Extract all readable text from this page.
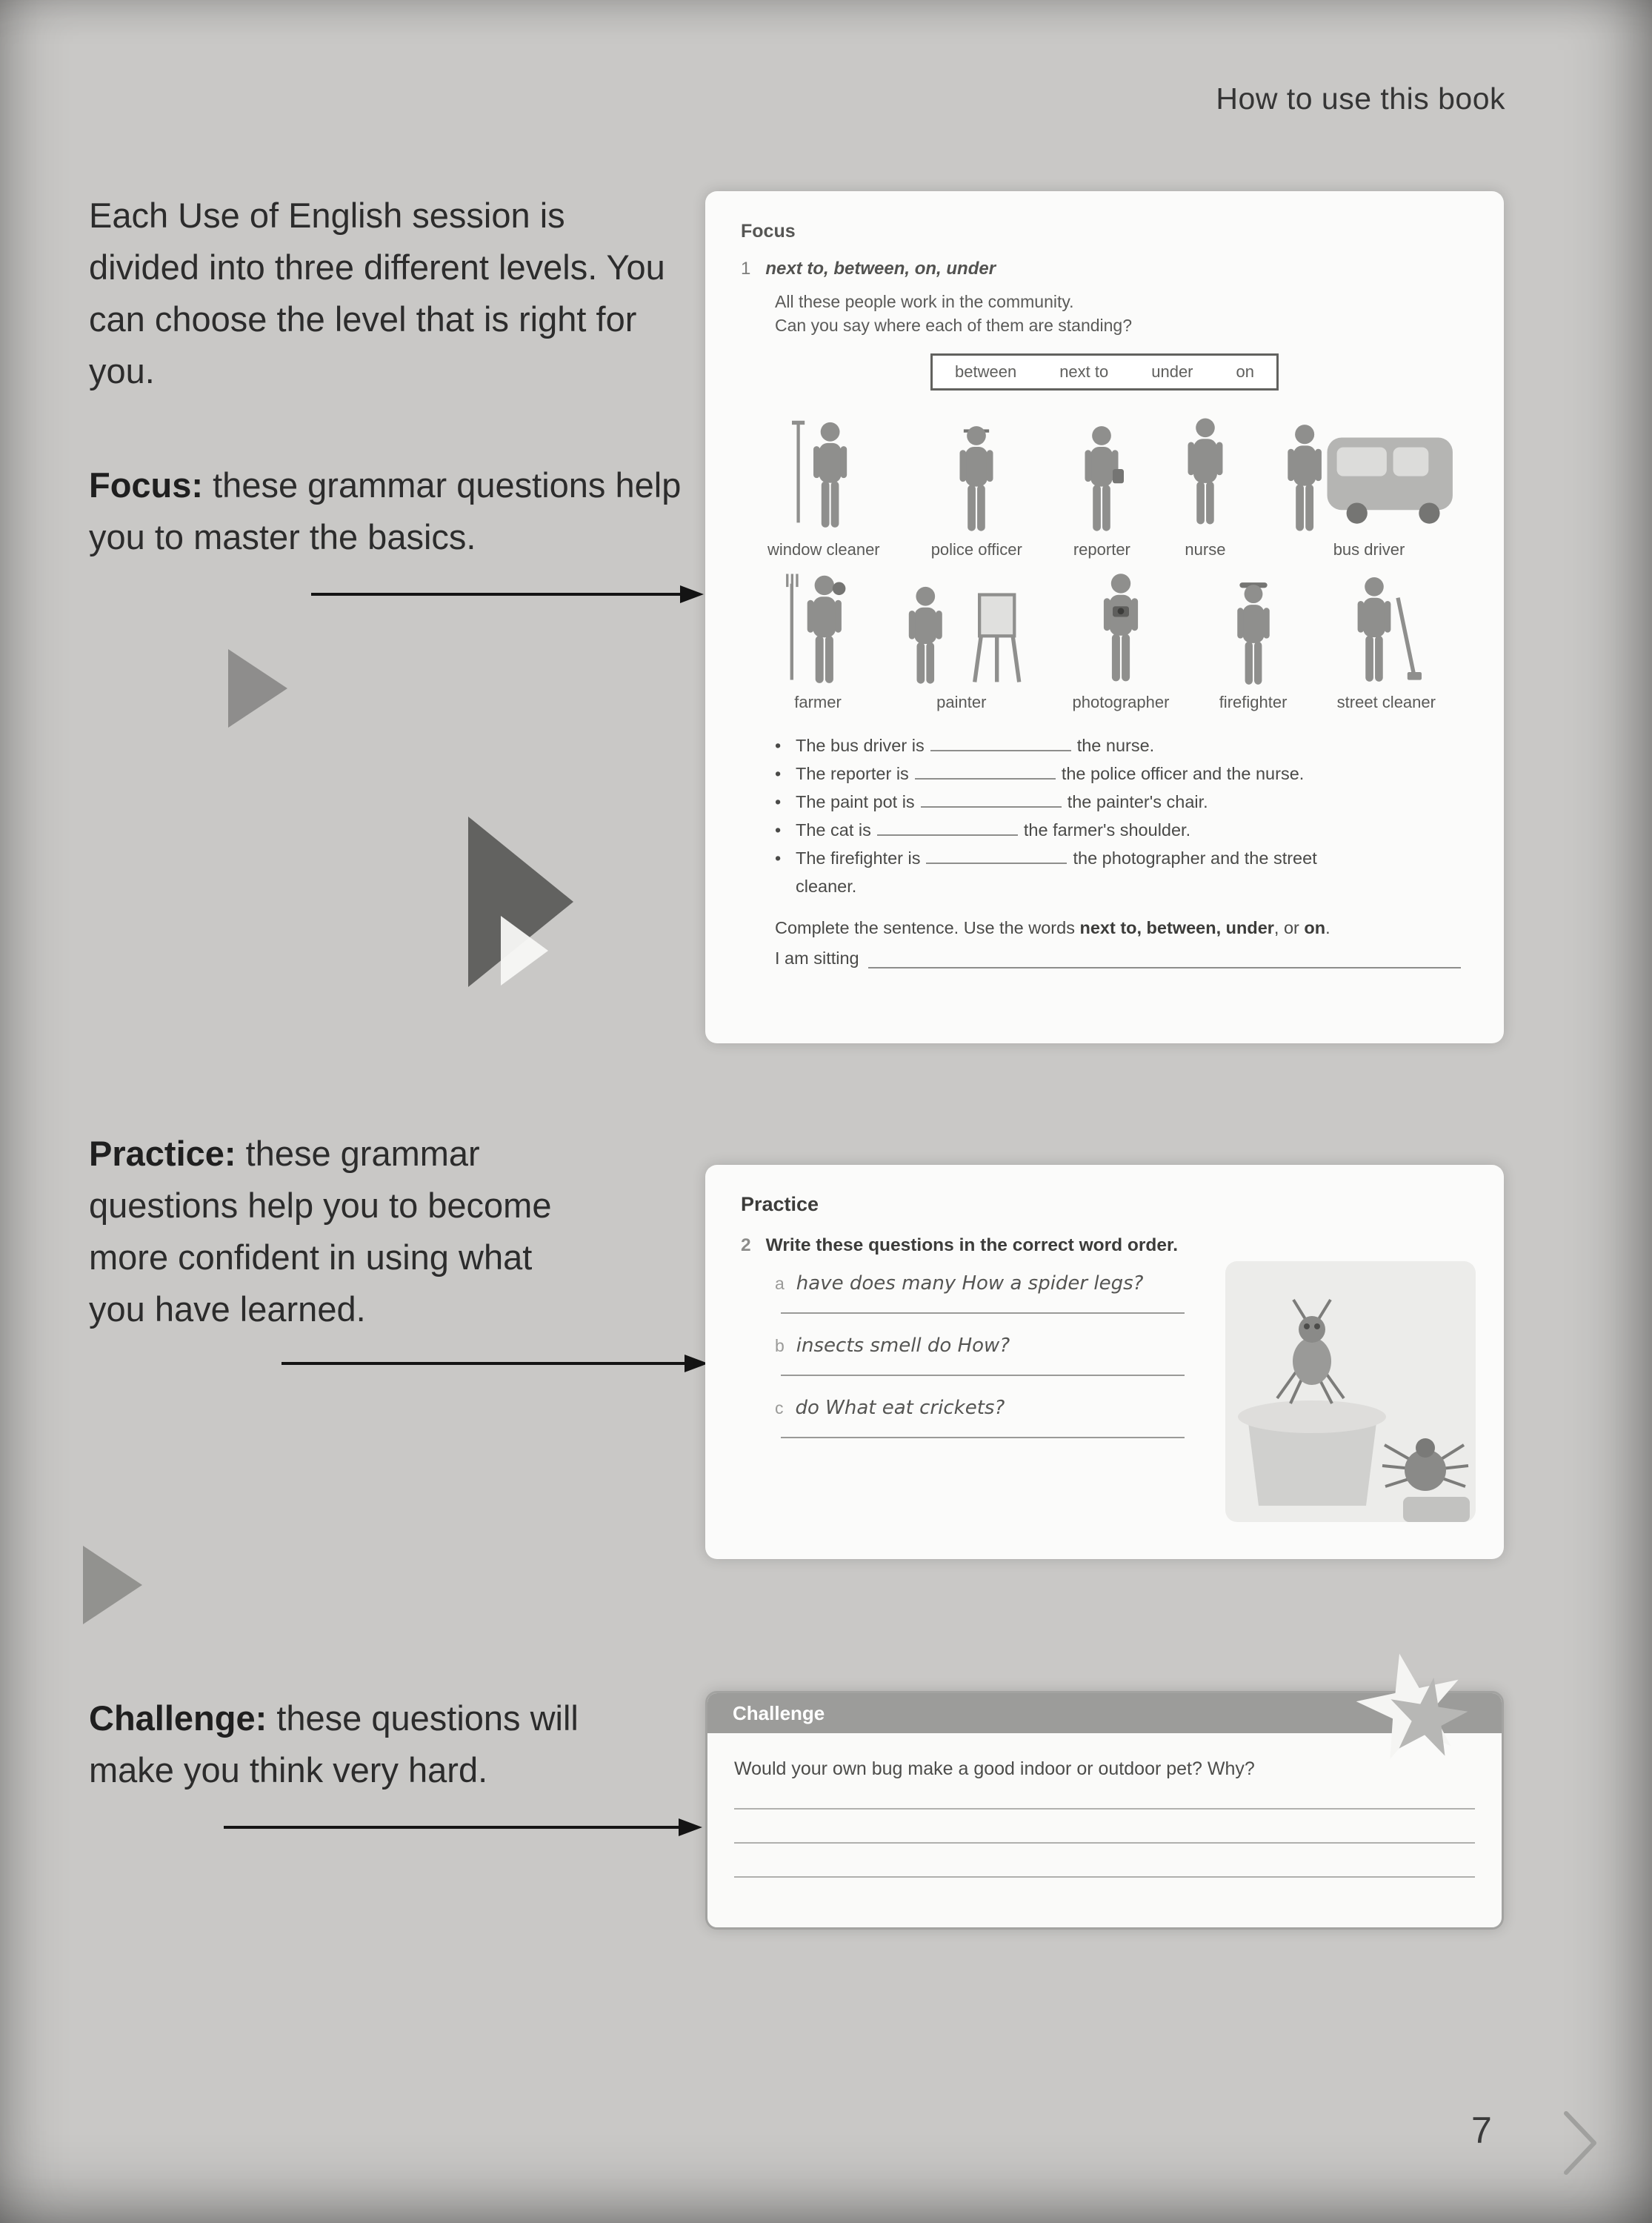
How to use this book
Each Use of English session is divided into three different levels. You can choose the level that is right for you.
Focus: these grammar questions help you to master the basics.
Practice: these grammar questions help you to become more confident in using what you have learned.
Challenge: these questions will make you think very hard.
Focus
1 next to, between, on, under
All these people work in the community.
Can you say where each of them are standing?
between	next to	under	on
window cleaner	police officer	reporter	nurse	bus driver
farmer	painter	photographer	firefighter	street cleaner
• The bus driver is	the nurse.
• The reporter is	the police officer and the nurse.
• The paint pot is	the painter's chair.
• The cat is	the farmer's shoulder.
• The firefighter is	the photographer and the street cleaner.
Complete the sentence. Use the words next to, between, under, or on.
I am sitting
Practice
2 Write these questions in the correct word order.
a have does many How a spider legs?
b insects smell do How?
c do What eat crickets?
Challenge
Would your own bug make a good indoor or outdoor pet? Why?
7
